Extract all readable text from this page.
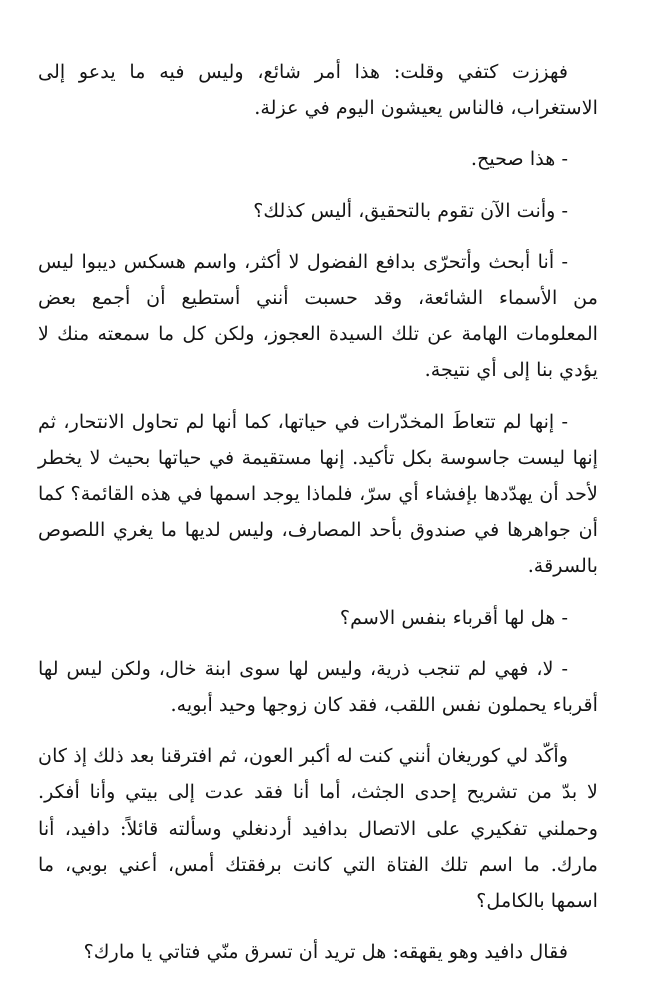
فهززت كتفي وقلت: هذا أمر شائع، وليس فيه ما يدعو إلى الاستغراب، فالناس يعيشون اليوم في عزلة.

- هذا صحيح.

- وأنت الآن تقوم بالتحقيق، أليس كذلك؟

- أنا أبحث وأتحرّى بدافع الفضول لا أكثر، واسم هسكس ديبوا ليس من الأسماء الشائعة، وقد حسبت أنني أستطيع أن أجمع بعض المعلومات الهامة عن تلك السيدة العجوز، ولكن كل ما سمعته منك لا يؤدي بنا إلى أي نتيجة.

- إنها لم تتعاطَ المخدّرات في حياتها، كما أنها لم تحاول الانتحار، ثم إنها ليست جاسوسة بكل تأكيد. إنها مستقيمة في حياتها بحيث لا يخطر لأحد أن يهدّدها بإفشاء أي سرّ، فلماذا يوجد اسمها في هذه القائمة؟ كما أن جواهرها في صندوق بأحد المصارف، وليس لديها ما يغري اللصوص بالسرقة.

- هل لها أقرباء بنفس الاسم؟

- لا، فهي لم تنجب ذرية، وليس لها سوى ابنة خال، ولكن ليس لها أقرباء يحملون نفس اللقب، فقد كان زوجها وحيد أبويه.

وأكّد لي كوريغان أنني كنت له أكبر العون، ثم افترقنا بعد ذلك إذ كان لا بدّ من تشريح إحدى الجثث، أما أنا فقد عدت إلى بيتي وأنا أفكر. وحملني تفكيري على الاتصال بدافيد أردنغلي وسألته قائلاً: دافيد، أنا مارك. ما اسم تلك الفتاة التي كانت برفقتك أمس، أعني بوبي، ما اسمها بالكامل؟

فقال دافيد وهو يقهقه: هل تريد أن تسرق منّي فتاتي يا مارك؟
